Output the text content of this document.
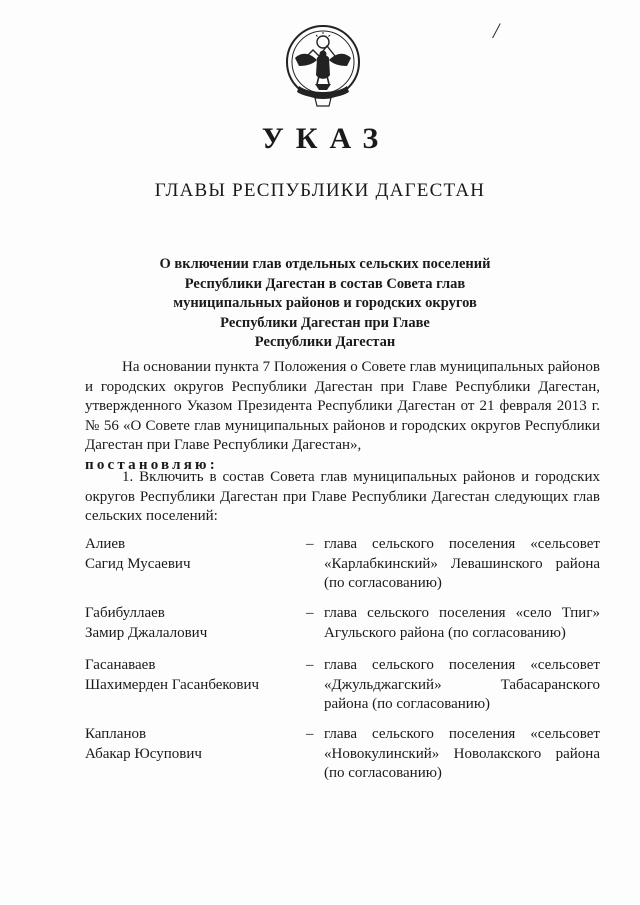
/
УКАЗ
ГЛАВЫ РЕСПУБЛИКИ ДАГЕСТАН
О включении глав отдельных сельских поселений
Республики Дагестан в состав Совета глав
муниципальных районов и городских округов
Республики Дагестан при Главе
Республики Дагестан
На основании пункта 7 Положения о Совете глав муниципальных районов и городских округов Республики Дагестан при Главе Республики Дагестан, утвержденного Указом Президента Республики Дагестан от 21 февраля 2013 г. № 56 «О Совете глав муниципальных районов и городских округов Республики Дагестан при Главе Республики Дагестан»,
постановляю:
1. Включить в состав Совета глав муниципальных районов и городских округов Республики Дагестан при Главе Республики Дагестан следующих глав сельских поселений:
Алиев
Сагид Мусаевич
– глава сельского поселения «сельсовет
«Карлабкинский» Левашинского района
(по согласованию)
Габибуллаев
Замир Джалалович
– глава сельского поселения «село Тпиг»
Агульского района (по согласованию)
Гасанаваев
Шахимерден Гасанбекович
– глава сельского поселения «сельсовет
«Джульджагский» Табасаранского
района (по согласованию)
Капланов
Абакар Юсупович
– глава сельского поселения «сельсовет
«Новокулинский» Новолакского района
(по согласованию)
